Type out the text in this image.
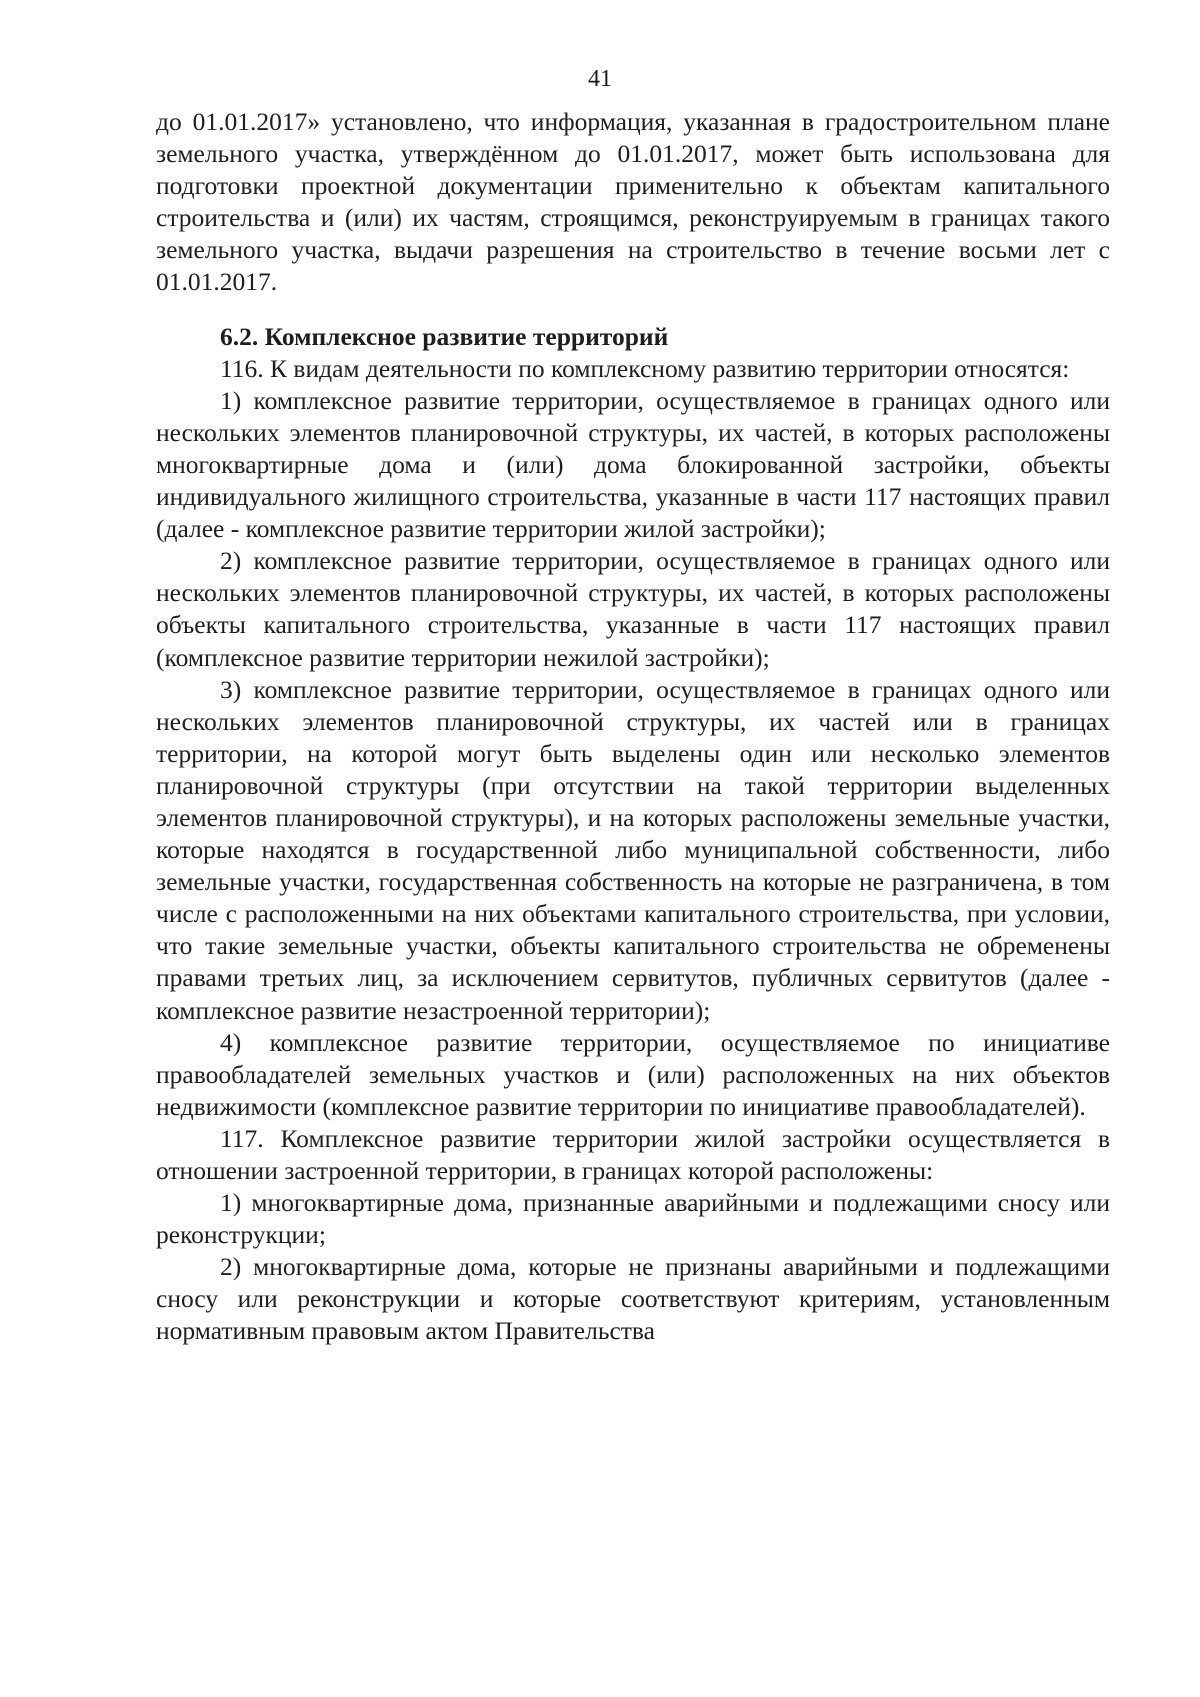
41

до 01.01.2017» установлено, что информация, указанная в градостроительном плане земельного участка, утверждённом до 01.01.2017, может быть использована для подготовки проектной документации применительно к объектам капитального строительства и (или) их частям, строящимся, реконструируемым в границах такого земельного участка, выдачи разрешения на строительство в течение восьми лет с 01.01.2017.

6.2. Комплексное развитие территорий

116. К видам деятельности по комплексному развитию территории относятся:

1) комплексное развитие территории, осуществляемое в границах одного или нескольких элементов планировочной структуры, их частей, в которых расположены многоквартирные дома и (или) дома блокированной застройки, объекты индивидуального жилищного строительства, указанные в части 117 настоящих правил (далее - комплексное развитие территории жилой застройки);

2) комплексное развитие территории, осуществляемое в границах одного или нескольких элементов планировочной структуры, их частей, в которых расположены объекты капитального строительства, указанные в части 117 настоящих правил (комплексное развитие территории нежилой застройки);

3) комплексное развитие территории, осуществляемое в границах одного или нескольких элементов планировочной структуры, их частей или в границах территории, на которой могут быть выделены один или несколько элементов планировочной структуры (при отсутствии на такой территории выделенных элементов планировочной структуры), и на которых расположены земельные участки, которые находятся в государственной либо муниципальной собственности, либо земельные участки, государственная собственность на которые не разграничена, в том числе с расположенными на них объектами капитального строительства, при условии, что такие земельные участки, объекты капитального строительства не обременены правами третьих лиц, за исключением сервитутов, публичных сервитутов (далее - комплексное развитие незастроенной территории);

4) комплексное развитие территории, осуществляемое по инициативе правообладателей земельных участков и (или) расположенных на них объектов недвижимости (комплексное развитие территории по инициативе правообладателей).

117. Комплексное развитие территории жилой застройки осуществляется в отношении застроенной территории, в границах которой расположены:

1) многоквартирные дома, признанные аварийными и подлежащими сносу или реконструкции;

2) многоквартирные дома, которые не признаны аварийными и подлежащими сносу или реконструкции и которые соответствуют критериям, установленным нормативным правовым актом Правительства
